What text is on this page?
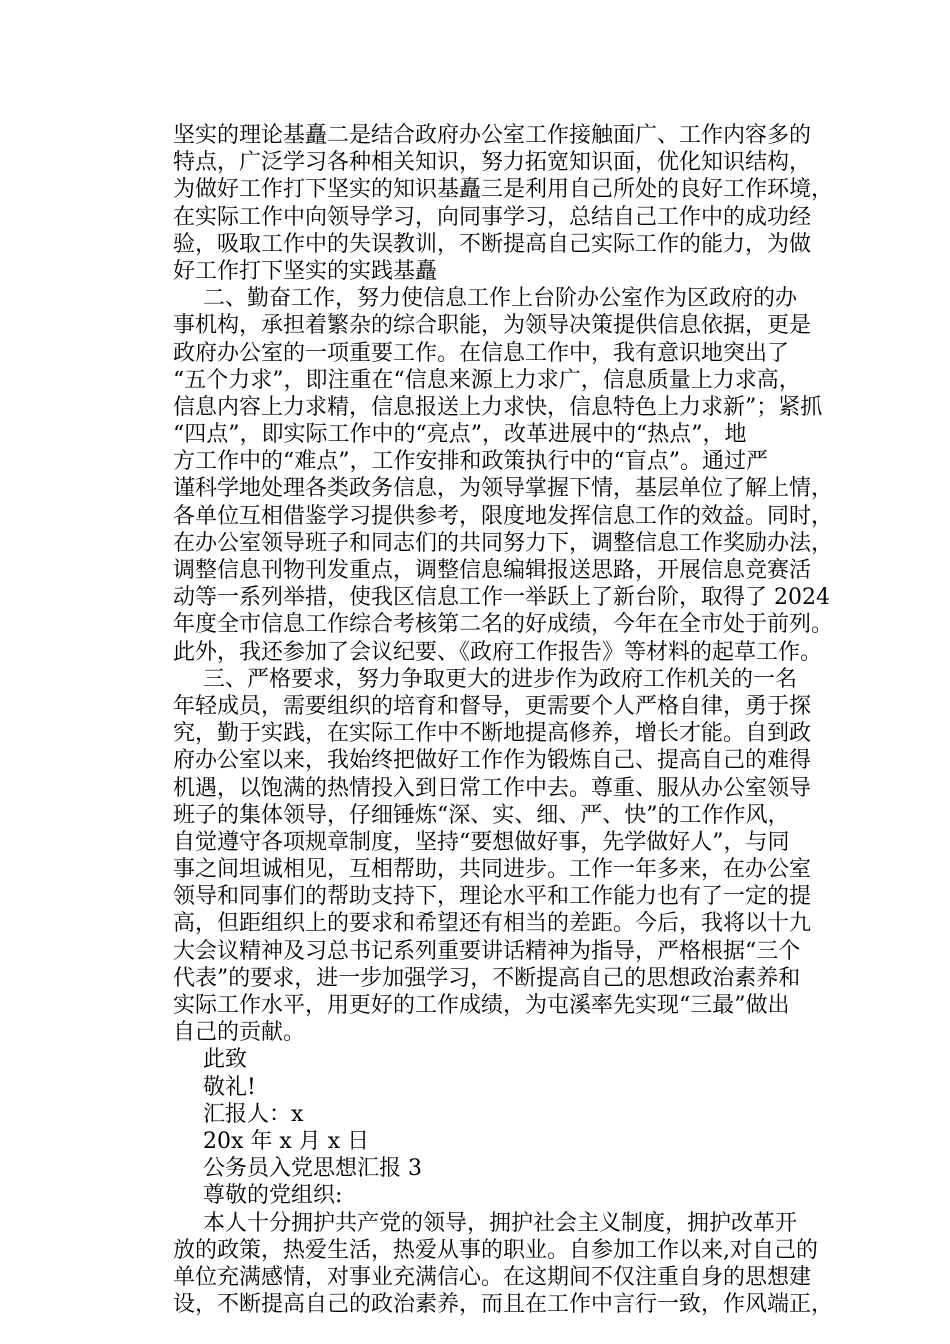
坚实的理论基矗二是结合政府办公室工作接触面广、工作内容多的
特点，广泛学习各种相关知识，努力拓宽知识面，优化知识结构，
为做好工作打下坚实的知识基矗三是利用自己所处的良好工作环境，
在实际工作中向领导学习，向同事学习，总结自己工作中的成功经
验，吸取工作中的失误教训，不断提高自己实际工作的能力，为做
好工作打下坚实的实践基矗
二、勤奋工作，努力使信息工作上台阶办公室作为区政府的办
事机构，承担着繁杂的综合职能，为领导决策提供信息依据，更是
政府办公室的一项重要工作。在信息工作中，我有意识地突出了
“五个力求”，即注重在“信息来源上力求广，信息质量上力求高，
信息内容上力求精，信息报送上力求快，信息特色上力求新”；紧抓
“四点”，即实际工作中的“亮点”，改革进展中的“热点”，地
方工作中的“难点”，工作安排和政策执行中的“盲点”。通过严
谨科学地处理各类政务信息，为领导掌握下情，基层单位了解上情，
各单位互相借鉴学习提供参考，限度地发挥信息工作的效益。同时，
在办公室领导班子和同志们的共同努力下，调整信息工作奖励办法，
调整信息刊物刊发重点，调整信息编辑报送思路，开展信息竞赛活
动等一系列举措，使我区信息工作一举跃上了新台阶，取得了 2024
年度全市信息工作综合考核第二名的好成绩，今年在全市处于前列。
此外，我还参加了会议纪要、《政府工作报告》等材料的起草工作。
三、严格要求，努力争取更大的进步作为政府工作机关的一名
年轻成员，需要组织的培育和督导，更需要个人严格自律，勇于探
究，勤于实践，在实际工作中不断地提高修养，增长才能。自到政
府办公室以来，我始终把做好工作作为锻炼自己、提高自己的难得
机遇，以饱满的热情投入到日常工作中去。尊重、服从办公室领导
班子的集体领导，仔细锤炼“深、实、细、严、快”的工作作风，
自觉遵守各项规章制度，坚持“要想做好事，先学做好人”，与同
事之间坦诚相见，互相帮助，共同进步。工作一年多来，在办公室
领导和同事们的帮助支持下，理论水平和工作能力也有了一定的提
高，但距组织上的要求和希望还有相当的差距。今后，我将以十九
大会议精神及习总书记系列重要讲话精神为指导，严格根据“三个
代表”的要求，进一步加强学习，不断提高自己的思想政治素养和
实际工作水平，用更好的工作成绩，为屯溪率先实现“三最”做出
自己的贡献。
此致
敬礼!
汇报人：x
20x 年 x 月 x 日
公务员入党思想汇报 3
尊敬的党组织:
本人十分拥护共产党的领导，拥护社会主义制度，拥护改革开
放的政策，热爱生活，热爱从事的职业。自参加工作以来,对自己的
单位充满感情，对事业充满信心。在这期间不仅注重自身的思想建
设，不断提高自己的政治素养，而且在工作中言行一致，作风端正，
